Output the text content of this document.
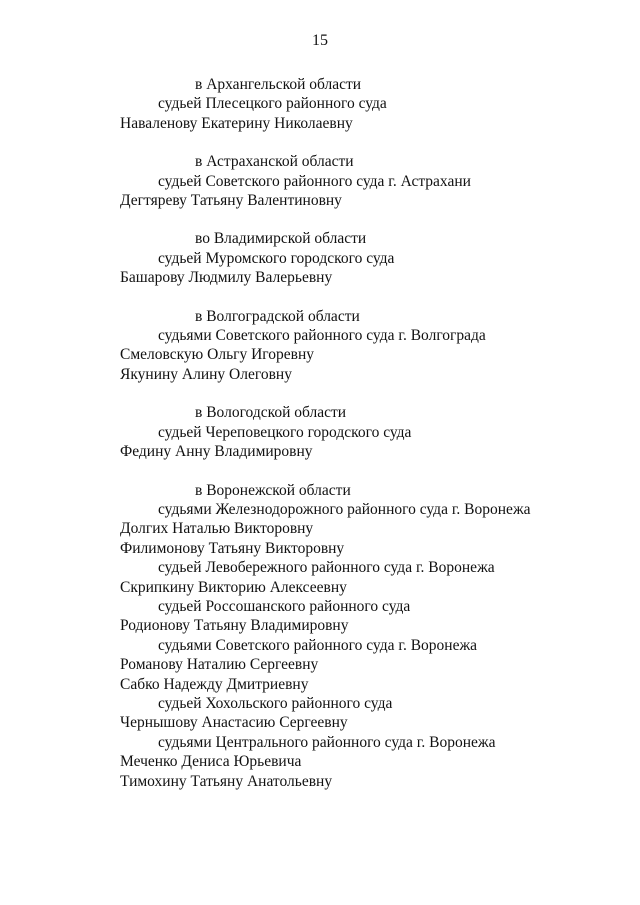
15
в Архангельской области
судьей Плесецкого районного суда
Наваленову Екатерину Николаевну
в Астраханской области
судьей Советского районного суда г. Астрахани
Дегтяреву Татьяну Валентиновну
во Владимирской области
судьей Муромского городского суда
Башарову Людмилу Валерьевну
в Волгоградской области
судьями Советского районного суда г. Волгограда
Смеловскую Ольгу Игоревну
Якунину Алину Олеговну
в Вологодской области
судьей Череповецкого городского суда
Федину Анну Владимировну
в Воронежской области
судьями Железнодорожного районного суда г. Воронежа
Долгих Наталью Викторовну
Филимонову Татьяну Викторовну
судьей Левобережного районного суда г. Воронежа
Скрипкину Викторию Алексеевну
судьей Россошанского районного суда
Родионову Татьяну Владимировну
судьями Советского районного суда г. Воронежа
Романову Наталию Сергеевну
Сабко Надежду Дмитриевну
судьей Хохольского районного суда
Чернышову Анастасию Сергеевну
судьями Центрального районного суда г. Воронежа
Меченко Дениса Юрьевича
Тимохину Татьяну Анатольевну
